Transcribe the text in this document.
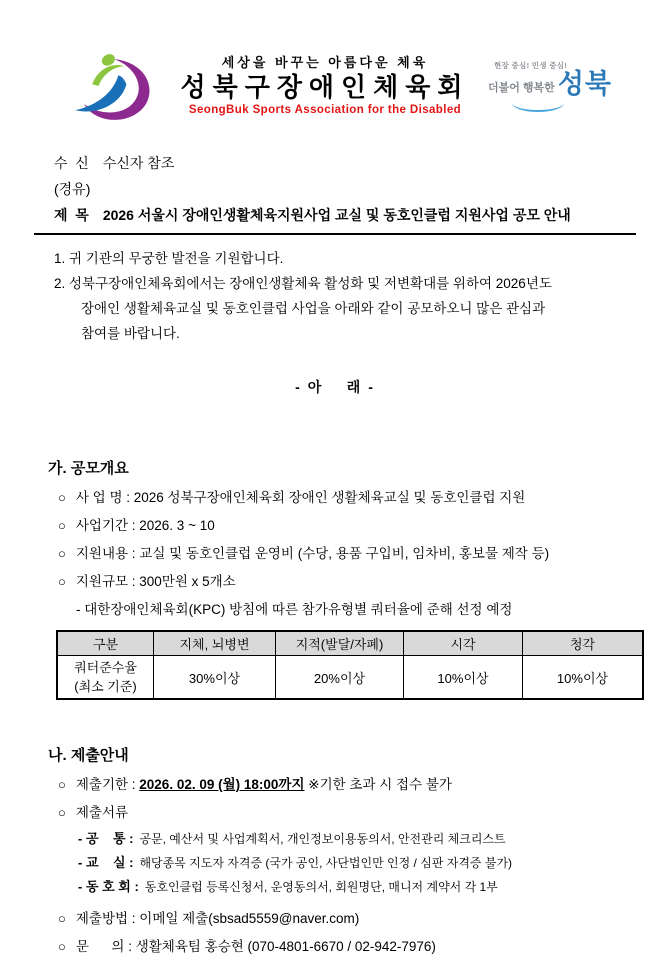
세상을 바꾸는 아름다운 체육
성북구장애인체육회
SeongBuk Sports Association for the Disabled
현장 중심! 민생 중심!
더불어 행복한 성북
수  신 수신자 참조
(경유)
제  목 2026 서울시 장애인생활체육지원사업 교실 및 동호인클럽 지원사업 공모 안내
1. 귀 기관의 무궁한 발전을 기원합니다.
2. 성북구장애인체육회에서는 장애인생활체육 활성화 및 저변확대를 위하여 2026년도
장애인 생활체육교실 및 동호인클럽 사업을 아래와 같이 공모하오니 많은 관심과
참여를 바랍니다.
- 아    래 -
가. 공모개요
○ 사 업 명 : 2026 성북구장애인체육회 장애인 생활체육교실 및 동호인클럽 지원
○ 사업기간 : 2026. 3 ~ 10
○ 지원내용 : 교실 및 동호인클럽 운영비 (수당, 용품 구입비, 임차비, 홍보물 제작 등)
○ 지원규모 : 300만원 x 5개소
- 대한장애인체육회(KPC) 방침에 따른 참가유형별 쿼터율에 준해 선정 예정
구분	지체, 뇌병변	지적(발달/자폐)	시각	청각

쿼터준수율
(최소 기준)	30%이상	20%이상	10%이상	10%이상
나. 제출안내
○ 제출기한 : 2026. 02. 09 (월) 18:00까지 ※기한 초과 시 접수 불가
○ 제출서류
- 공    통 : 공문, 예산서 및 사업계획서, 개인정보이용동의서, 안전관리 체크리스트
- 교    실 : 해당종목 지도자 자격증 (국가 공인, 사단법인만 인정 / 심판 자격증 불가)
- 동 호 회 : 동호인클럽 등록신청서, 운영동의서, 회원명단, 매니저 계약서 각 1부
○ 제출방법 : 이메일 제출(sbsad5559@naver.com)
○ 문      의 : 생활체육팀 홍승현 (070-4801-6670 / 02-942-7976)
